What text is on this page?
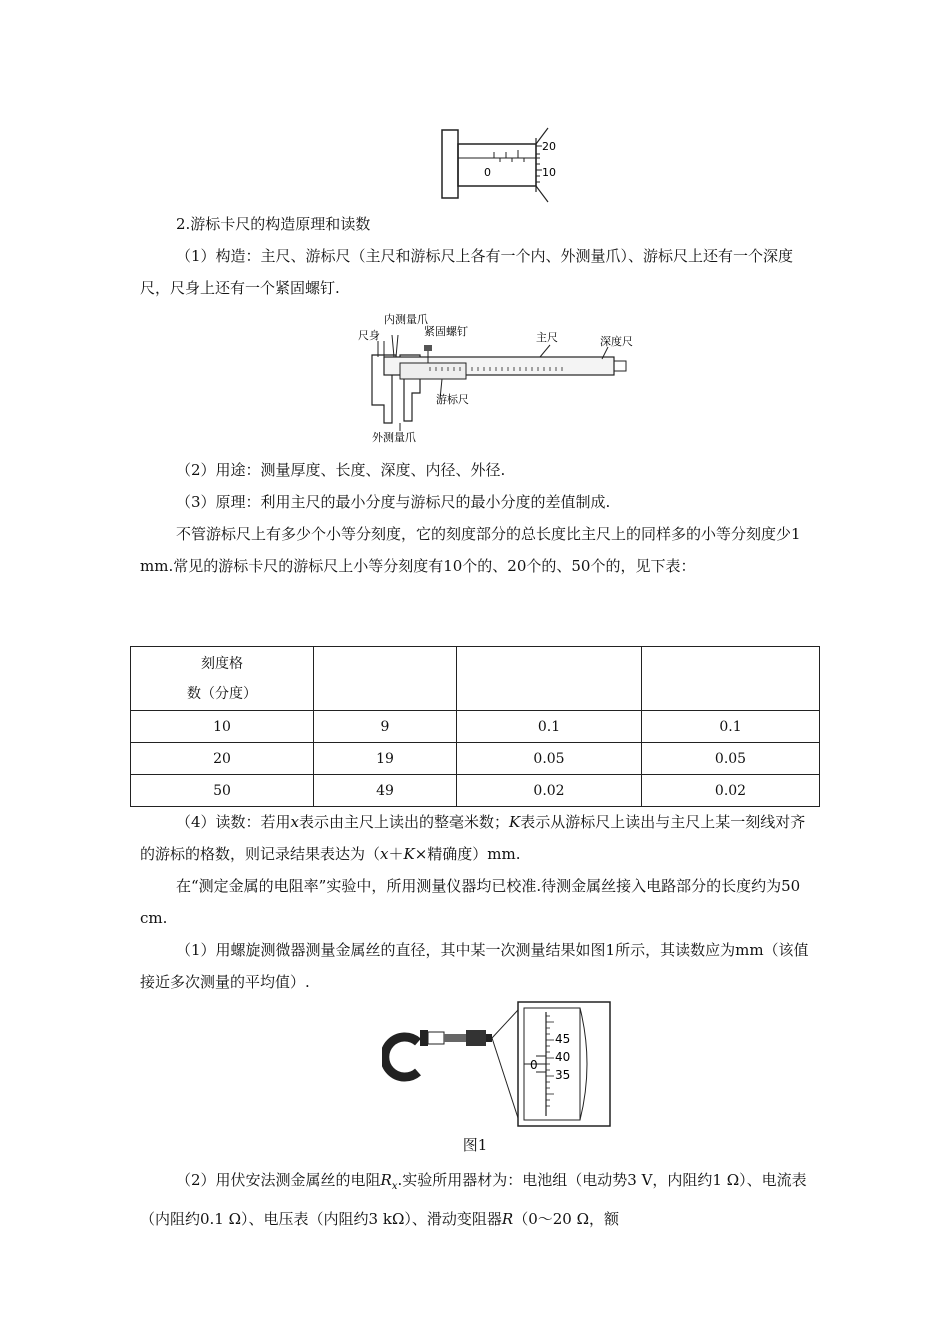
20
0	10

2.游标卡尺的构造原理和读数

（1）构造：主尺、游标尺（主尺和游标尺上各有一个内、外测量爪）、游标尺上还有一个深度尺，尺身上还有一个紧固螺钉.

尺身
内测量爪
紧固螺钉	主尺	深度尺
游标尺
外测量爪

（2）用途：测量厚度、长度、深度、内径、外径.

（3）原理：利用主尺的最小分度与游标尺的最小分度的差值制成.

不管游标尺上有多少个小等分刻度，它的刻度部分的总长度比主尺上的同样多的小等分刻度少1 mm.常见的游标卡尺的游标尺上小等分刻度有10个的、20个的、50个的，见下表：

刻度格
数（分度）			

10	9	0.1	0.1
20	19	0.05	0.05
50	49	0.02	0.02

（4）读数：若用x表示由主尺上读出的整毫米数；K表示从游标尺上读出与主尺上某一刻线对齐的游标的格数，则记录结果表达为（x＋K×精确度）mm.

在“测定金属的电阻率”实验中，所用测量仪器均已校准.待测金属丝接入电路部分的长度约为50 cm.

（1）用螺旋测微器测量金属丝的直径，其中某一次测量结果如图1所示，其读数应为mm（该值接近多次测量的平均值）.

45
40
0
35
图1

（2）用伏安法测金属丝的电阻$R_x$.实验所用器材为：电池组（电动势3 V，内阻约1 Ω）、电流表（内阻约0.1 Ω）、电压表（内阻约3 kΩ）、滑动变阻器R（0～20 Ω，额
